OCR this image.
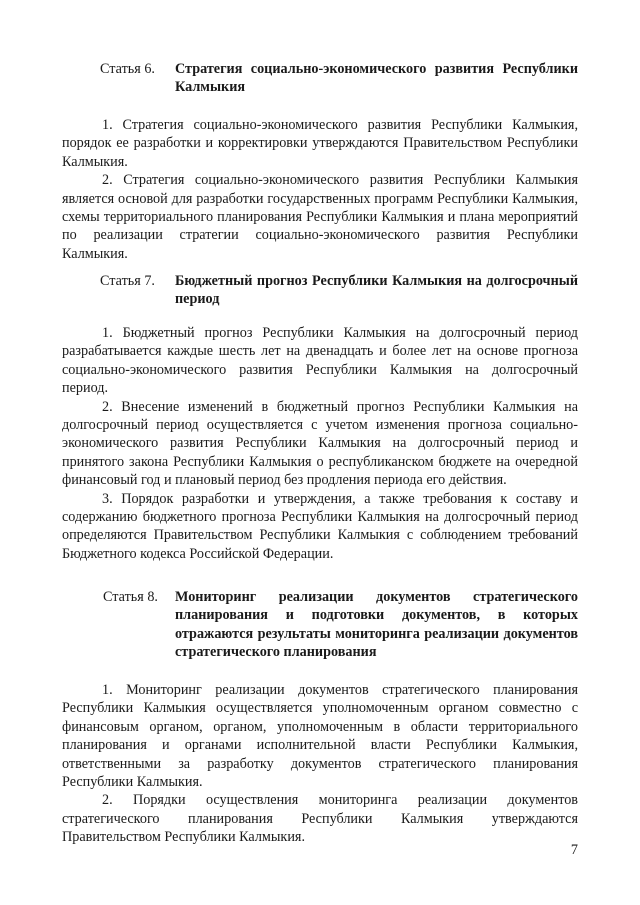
Статья 6.	Стратегия социально-экономического развития Республики Калмыкия

1. Стратегия социально-экономического развития Республики Калмыкия, порядок ее разработки и корректировки утверждаются Правительством Республики Калмыкия.

2. Стратегия социально-экономического развития Республики Калмыкия является основой для разработки государственных программ Республики Калмыкия, схемы территориального планирования Республики Калмыкия и плана мероприятий по реализации стратегии социально-экономического развития Республики Калмыкия.

Статья 7.	Бюджетный прогноз Республики Калмыкия на долгосрочный период

1. Бюджетный прогноз Республики Калмыкия на долгосрочный период разрабатывается каждые шесть лет на двенадцать и более лет на основе прогноза социально-экономического развития Республики Калмыкия на долгосрочный период.

2. Внесение изменений в бюджетный прогноз Республики Калмыкия на долгосрочный период осуществляется с учетом изменения прогноза социально-экономического развития Республики Калмыкия на долгосрочный период и принятого закона Республики Калмыкия о республиканском бюджете на очередной финансовый год и плановый период без продления периода его действия.

3. Порядок разработки и утверждения, а также требования к составу и содержанию бюджетного прогноза Республики Калмыкия на долгосрочный период определяются Правительством Республики Калмыкия с соблюдением требований Бюджетного кодекса Российской Федерации.

Статья 8.	Мониторинг реализации документов стратегического планирования и подготовки документов, в которых отражаются результаты мониторинга реализации документов стратегического планирования

1. Мониторинг реализации документов стратегического планирования Республики Калмыкия осуществляется уполномоченным органом совместно с финансовым органом, органом, уполномоченным в области территориального планирования и органами исполнительной власти Республики Калмыкия, ответственными за разработку документов стратегического планирования Республики Калмыкия.

2. Порядки осуществления мониторинга реализации документов стратегического планирования Республики Калмыкия утверждаются Правительством Республики Калмыкия.

7
